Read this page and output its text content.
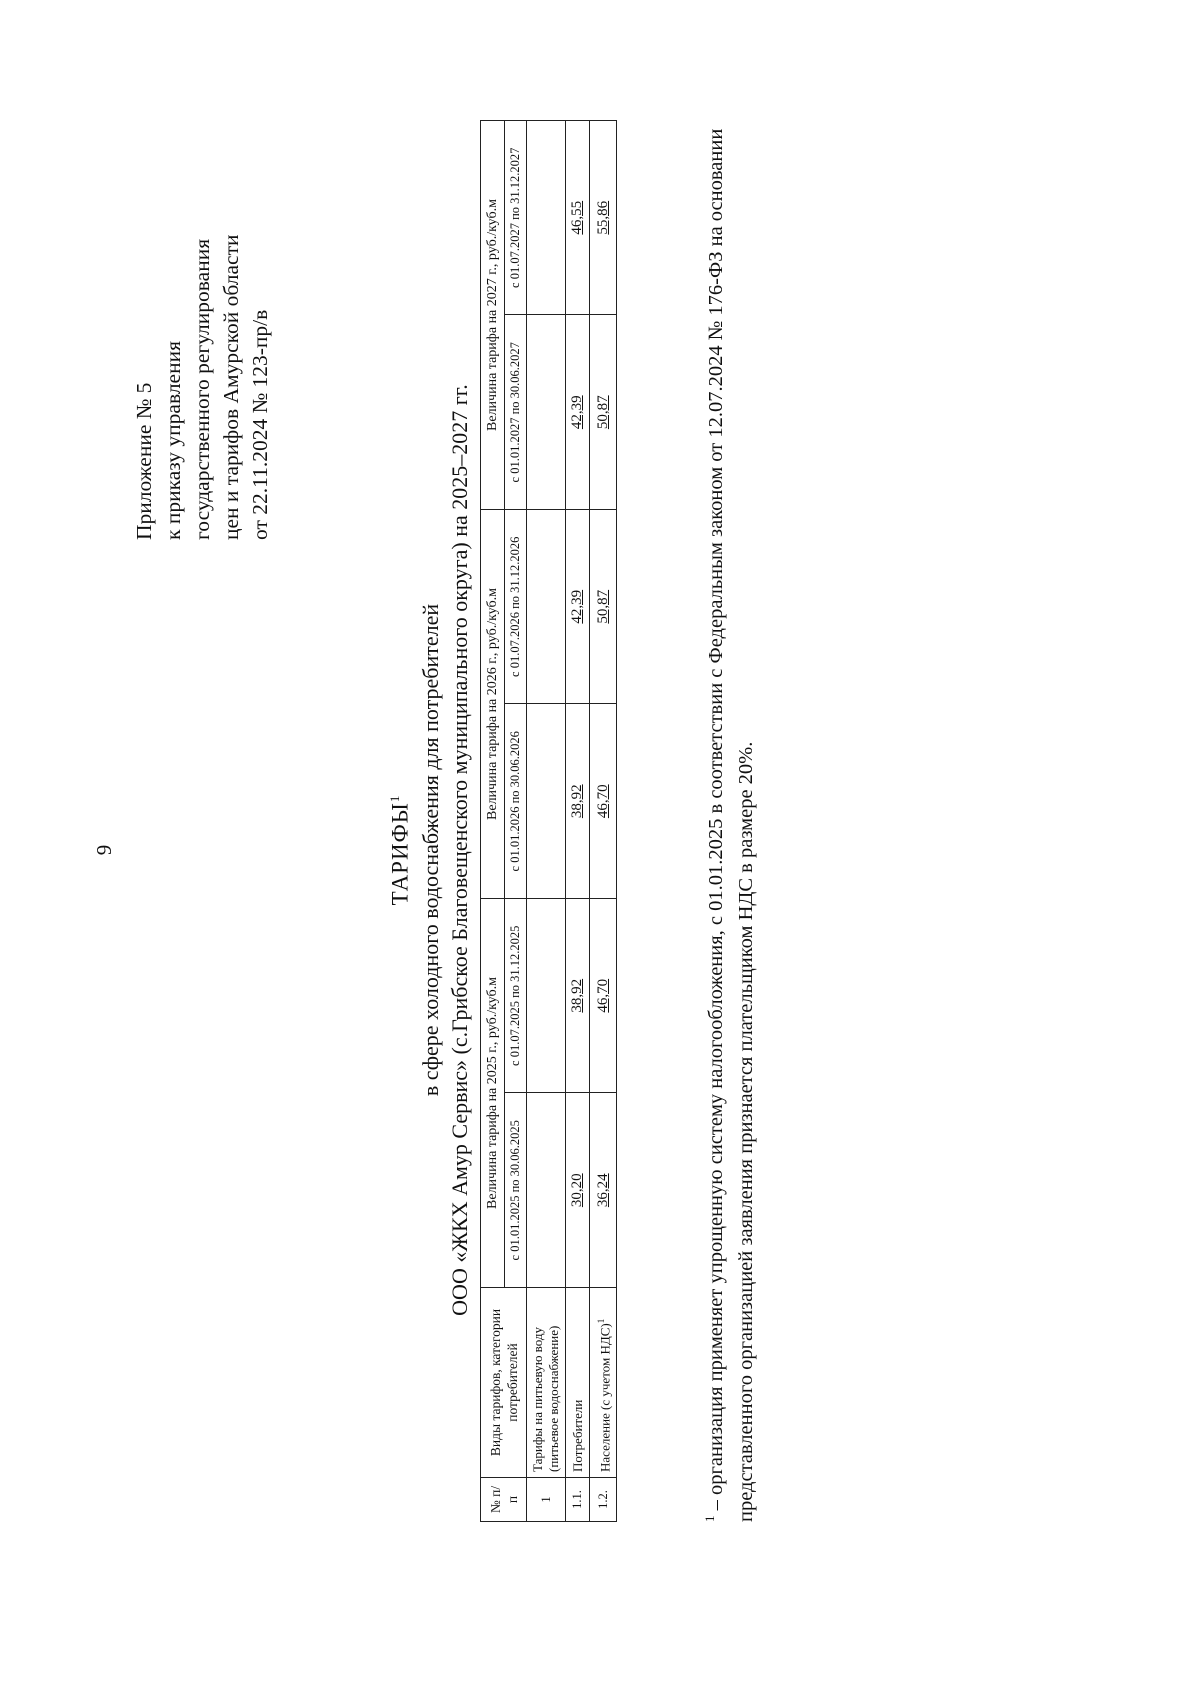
9
Приложение № 5 к приказу управления государственного регулирования цен и тарифов Амурской области от 22.11.2024 № 123-пр/в
ТАРИФЫ$^1$ в сфере холодного водоснабжения для потребителей ООО «ЖКХ Амур Сервис» (с.Грибское Благовещенского муниципального округа) на 2025–2027 гг.
№ п/п	Виды тарифов, категории потребителей	Величина тарифа на 2025 г., руб./куб.м		Величина тарифа на 2026 г., руб./куб.м		Величина тарифа на 2027 г., руб./куб.м	
		с 01.01.2025 по 30.06.2025	с 01.07.2025 по 31.12.2025	с 01.01.2026 по 30.06.2026	с 01.07.2026 по 31.12.2026	с 01.01.2027 по 30.06.2027	с 01.07.2027 по 31.12.2027
1	Тарифы на питьевую воду (питьевое водоснабжение)						
1.1.	Потребители	30,20	38,92	38,92	42,39	42,39	46,55
1.2.	Население (с учетом НДС)$^1$	36,24	46,70	46,70	50,87	50,87	55,86
$^1$ – организация применяет упрощенную систему налогообложения, с 01.01.2025 в соответствии с Федеральным законом от 12.07.2024 № 176-ФЗ на основании представленного организацией заявления признается плательщиком НДС в размере 20%.
